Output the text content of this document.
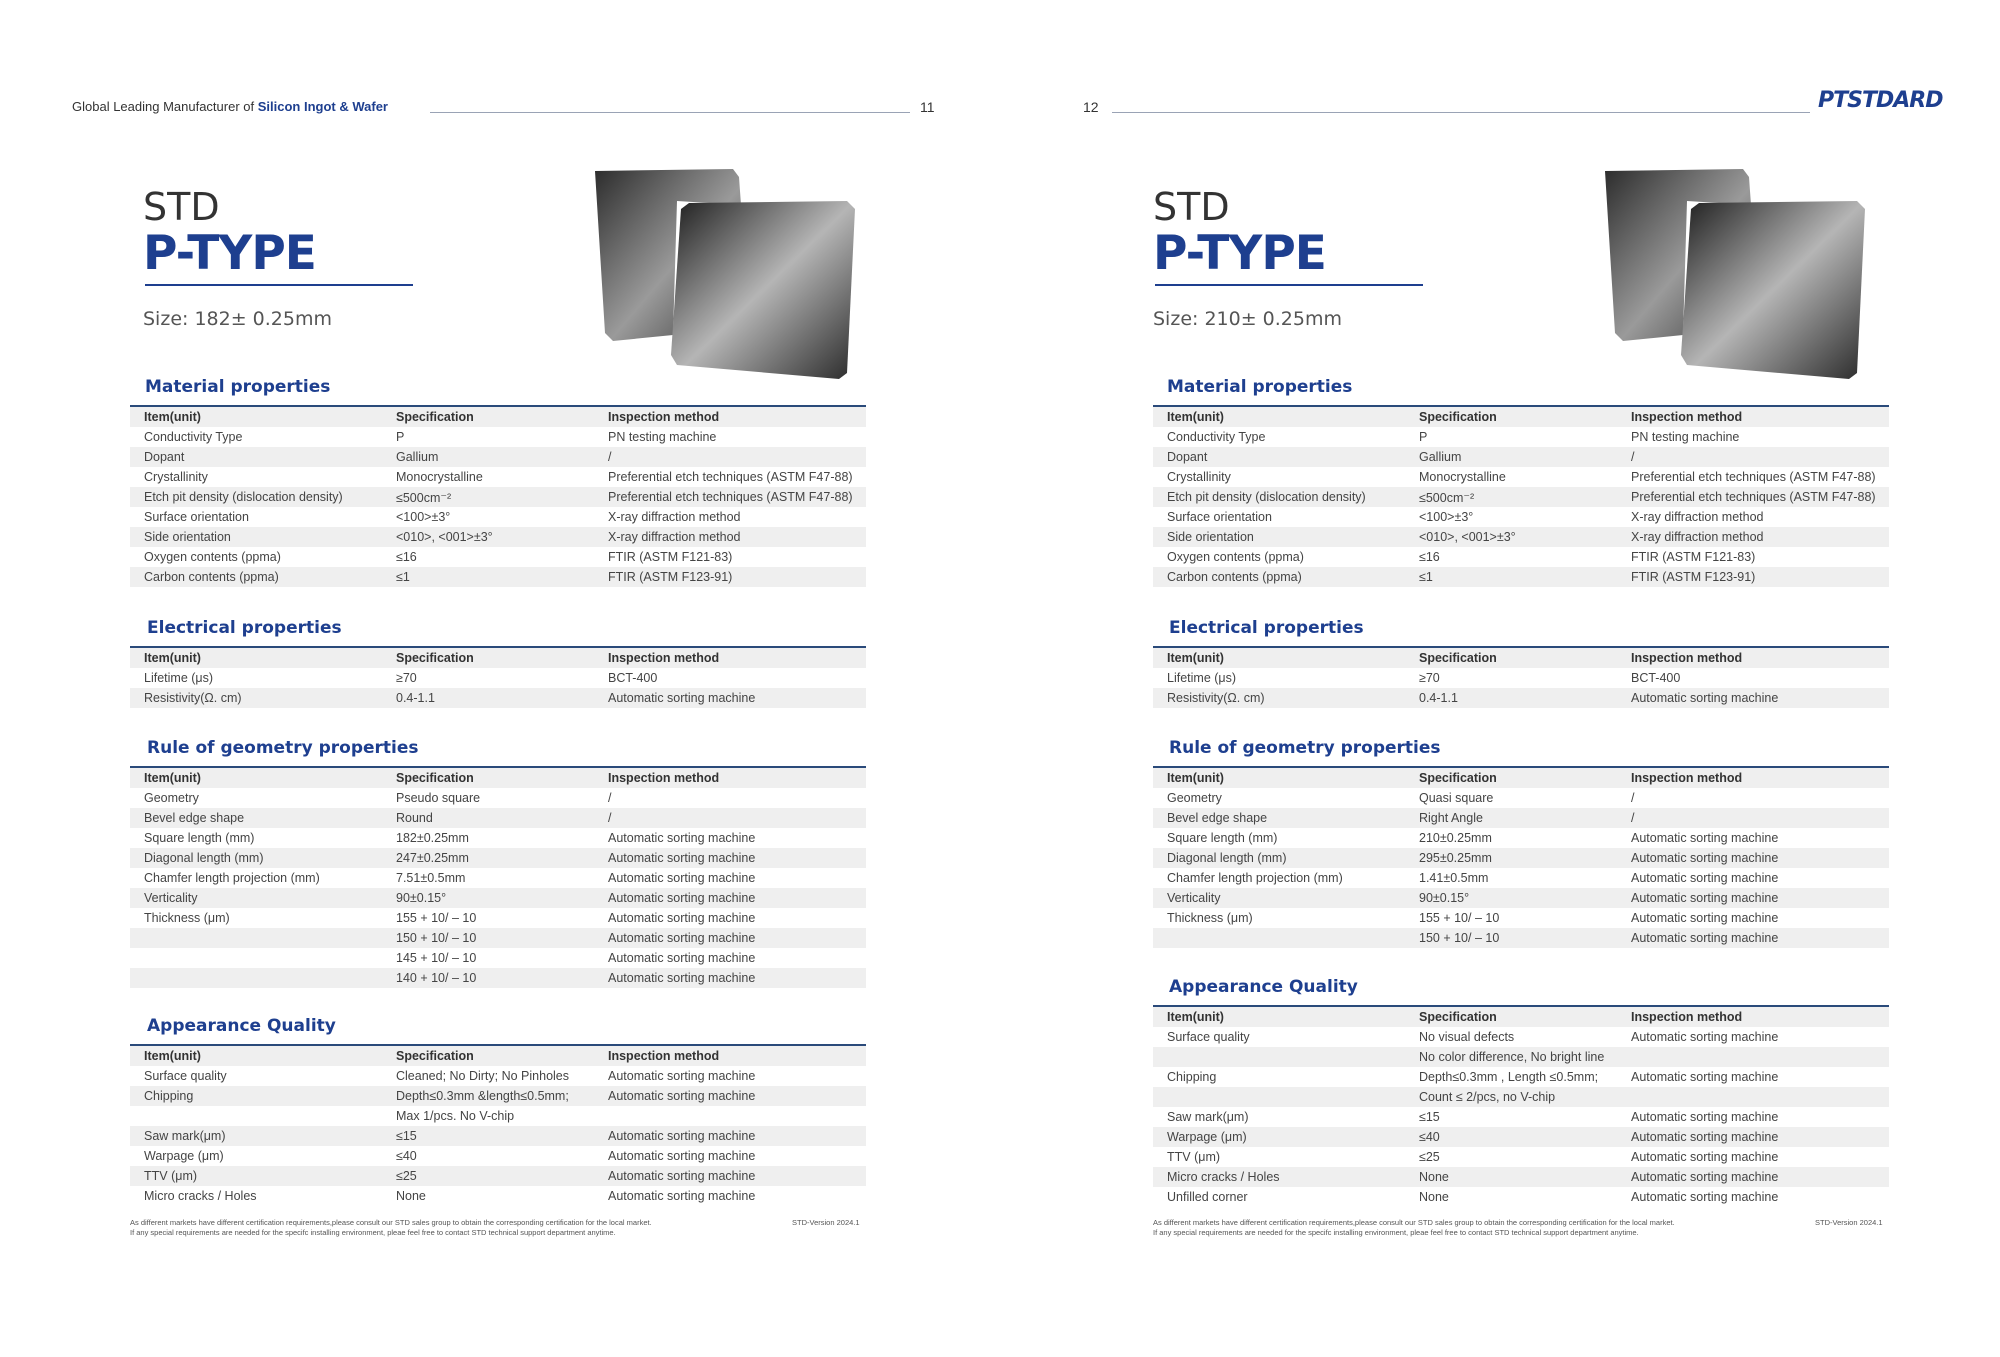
Global Leading Manufacturer of Silicon Ingot & Wafer	11
STD
P-TYPE
Size: 182± 0.25mm
Material properties
Item(unit)	Specification	Inspection method
Conductivity Type	P	PN testing machine
Dopant	Gallium	/
Crystallinity	Monocrystalline	Preferential etch techniques (ASTM F47-88)
Etch pit density (dislocation density)	≤500cm⁻²	Preferential etch techniques (ASTM F47-88)
Surface orientation	<100>±3°	X-ray diffraction method
Side orientation	<010>, <001>±3°	X-ray diffraction method
Oxygen contents (ppma)	≤16	FTIR (ASTM F121-83)
Carbon contents (ppma)	≤1	FTIR (ASTM F123-91)
Electrical properties
Item(unit)	Specification	Inspection method
Lifetime (μs)	≥70	BCT-400
Resistivity(Ω. cm)	0.4-1.1	Automatic sorting machine
Rule of geometry properties
Item(unit)	Specification	Inspection method
Geometry	Pseudo square	/
Bevel edge shape	Round	/
Square length (mm)	182±0.25mm	Automatic sorting machine
Diagonal length (mm)	247±0.25mm	Automatic sorting machine
Chamfer length projection (mm)	7.51±0.5mm	Automatic sorting machine
Verticality	90±0.15°	Automatic sorting machine
Thickness (μm)	155 + 10/ – 10	Automatic sorting machine
	150 + 10/ – 10	Automatic sorting machine
	145 + 10/ – 10	Automatic sorting machine
	140 + 10/ – 10	Automatic sorting machine
Appearance Quality
Item(unit)	Specification	Inspection method
Surface quality	Cleaned; No Dirty; No Pinholes	Automatic sorting machine
Chipping	Depth≤0.3mm &length≤0.5mm;	Automatic sorting machine
	Max 1/pcs. No V-chip	
Saw mark(μm)	≤15	Automatic sorting machine
Warpage (μm)	≤40	Automatic sorting machine
TTV (μm)	≤25	Automatic sorting machine
Micro cracks / Holes	None	Automatic sorting machine
As different markets have different certification requirements,please consult our STD sales group to obtain the corresponding certification for the local market.
If any special requirements are needed for the specifc installing environment, pleae feel free to contact STD technical support department anytime.
STD-Version 2024.1
12	PTSTDARD
STD
P-TYPE
Size: 210± 0.25mm
Material properties
Item(unit)	Specification	Inspection method
Conductivity Type	P	PN testing machine
Dopant	Gallium	/
Crystallinity	Monocrystalline	Preferential etch techniques (ASTM F47-88)
Etch pit density (dislocation density)	≤500cm⁻²	Preferential etch techniques (ASTM F47-88)
Surface orientation	<100>±3°	X-ray diffraction method
Side orientation	<010>, <001>±3°	X-ray diffraction method
Oxygen contents (ppma)	≤16	FTIR (ASTM F121-83)
Carbon contents (ppma)	≤1	FTIR (ASTM F123-91)
Electrical properties
Item(unit)	Specification	Inspection method
Lifetime (μs)	≥70	BCT-400
Resistivity(Ω. cm)	0.4-1.1	Automatic sorting machine
Rule of geometry properties
Item(unit)	Specification	Inspection method
Geometry	Quasi square	/
Bevel edge shape	Right Angle	/
Square length (mm)	210±0.25mm	Automatic sorting machine
Diagonal length (mm)	295±0.25mm	Automatic sorting machine
Chamfer length projection (mm)	1.41±0.5mm	Automatic sorting machine
Verticality	90±0.15°	Automatic sorting machine
Thickness (μm)	155 + 10/ – 10	Automatic sorting machine
	150 + 10/ – 10	Automatic sorting machine
Appearance Quality
Item(unit)	Specification	Inspection method
Surface quality	No visual defects	Automatic sorting machine
	No color difference, No bright line	
Chipping	Depth≤0.3mm , Length ≤0.5mm;	Automatic sorting machine
	Count ≤ 2/pcs, no V-chip	
Saw mark(μm)	≤15	Automatic sorting machine
Warpage (μm)	≤40	Automatic sorting machine
TTV (μm)	≤25	Automatic sorting machine
Micro cracks / Holes	None	Automatic sorting machine
Unfilled corner	None	Automatic sorting machine
As different markets have different certification requirements,please consult our STD sales group to obtain the corresponding certification for the local market.
If any special requirements are needed for the specifc installing environment, pleae feel free to contact STD technical support department anytime.
STD-Version 2024.1
